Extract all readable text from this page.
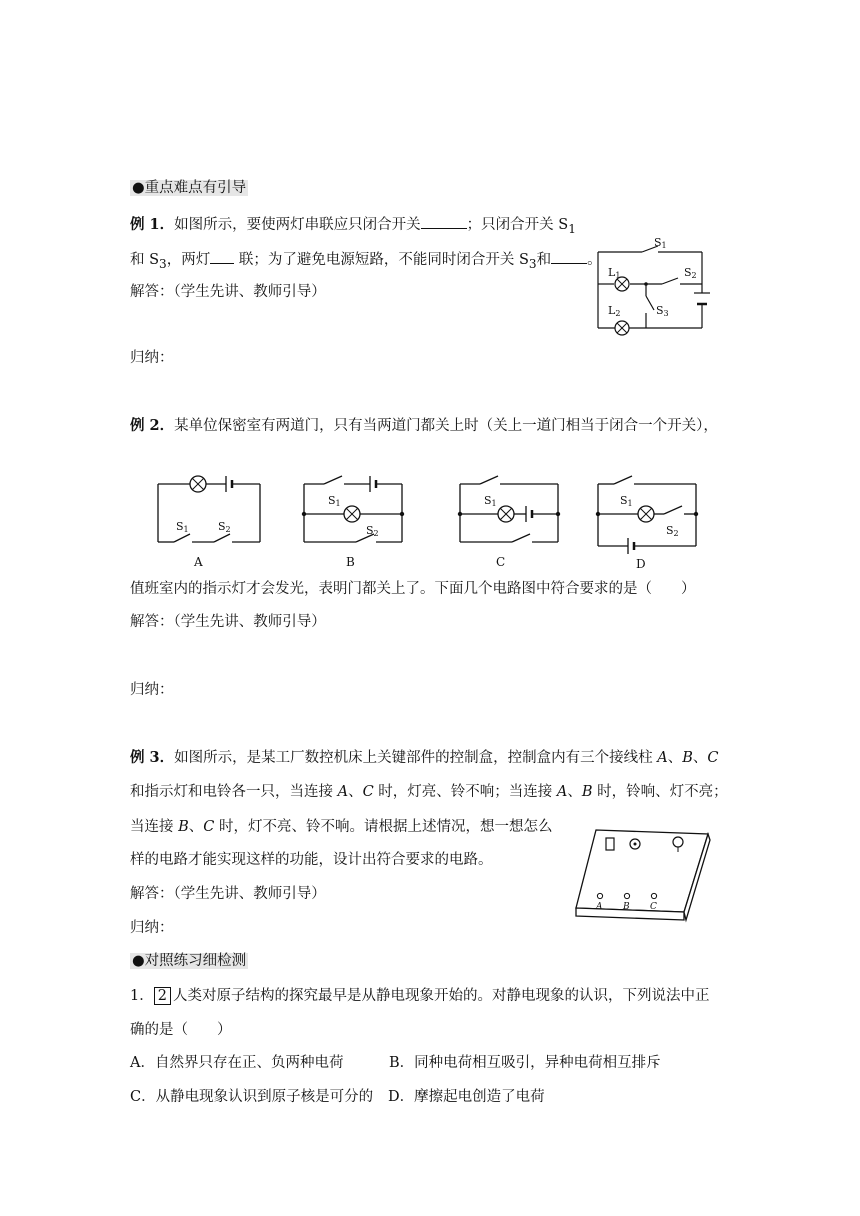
●重点难点有引导
例 1．如图所示，要使两灯串联应只闭合开关	；只闭合开关 $S_1$
和 $S_3$，两灯 联；为了避免电源短路，不能同时闭合开关 $S_3$和 。
解答：（学生先讲、教师引导）
归纳：
S1
S2
S3
L1
L2
例 2．某单位保密室有两道门，只有当两道门都关上时（关上一道门相当于闭合一个开关），
S1	S2
A
S1
S2
B
S1
C
S1
S2
D
值班室内的指示灯才会发光，表明门都关上了。下面几个电路图中符合要求的是（　　）
解答：（学生先讲、教师引导）
归纳：
例 3．如图所示，是某工厂数控机床上关键部件的控制盒，控制盒内有三个接线柱 A、B、C
和指示灯和电铃各一只，当连接 A、C 时，灯亮、铃不响；当连接 A、B 时，铃响、灯不亮；
当连接 B、C 时，灯不亮、铃不响。请根据上述情况，想一想怎么
样的电路才能实现这样的功能，设计出符合要求的电路。
解答：（学生先讲、教师引导）
归纳：
A B C
●对照练习细检测
1． 2 人类对原子结构的探究最早是从静电现象开始的。对静电现象的认识，下列说法中正
确的是（　　）
A．自然界只存在正、负两种电荷	B．同种电荷相互吸引，异种电荷相互排斥
C．从静电现象认识到原子核是可分的 D．摩擦起电创造了电荷
